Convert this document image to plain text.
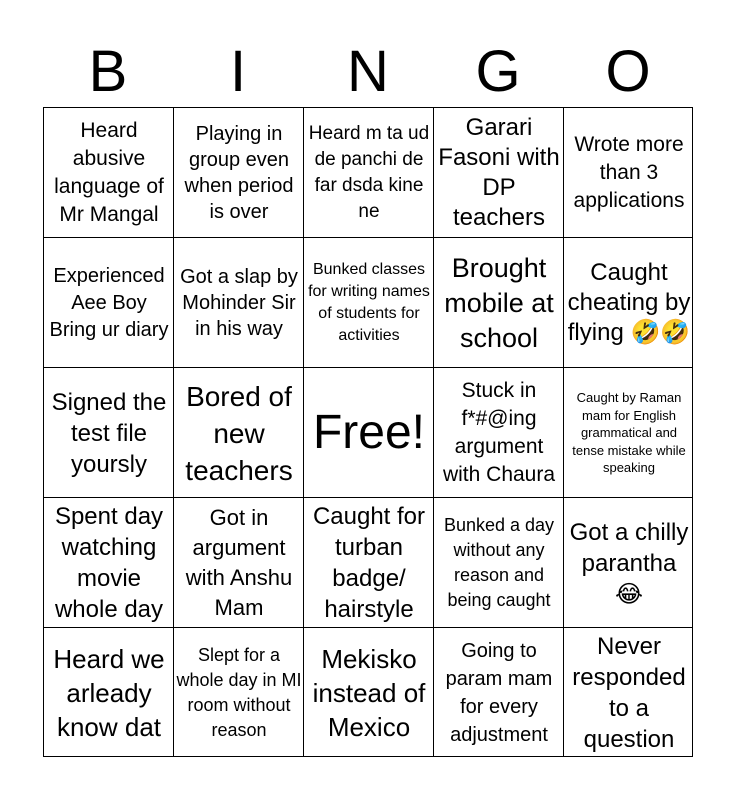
B	I	N	G	O
Heard abusive language of Mr Mangal
Playing in group even when period is over
Heard m ta ud de panchi de far dsda kine ne
Garari Fasoni with DP teachers
Wrote more than 3 applications
Experienced Aee Boy Bring ur diary
Got a slap by Mohinder Sir in his way
Bunked classes for writing names of students for activities
Brought mobile at school
Caught cheating by flying 🤣🤣
Signed the test file yoursly
Bored of new teachers
Free!
Stuck in f*#@ing argument with Chaura
Caught by Raman mam for English grammatical and tense mistake while speaking
Spent day watching movie whole day
Got in argument with Anshu Mam
Caught for turban badge/ hairstyle
Bunked a day without any reason and being caught
Got a chilly parantha 😂
Heard we arleady know dat
Slept for a whole day in MI room without reason
Mekisko instead of Mexico
Going to param mam for every adjustment
Never responded to a question
